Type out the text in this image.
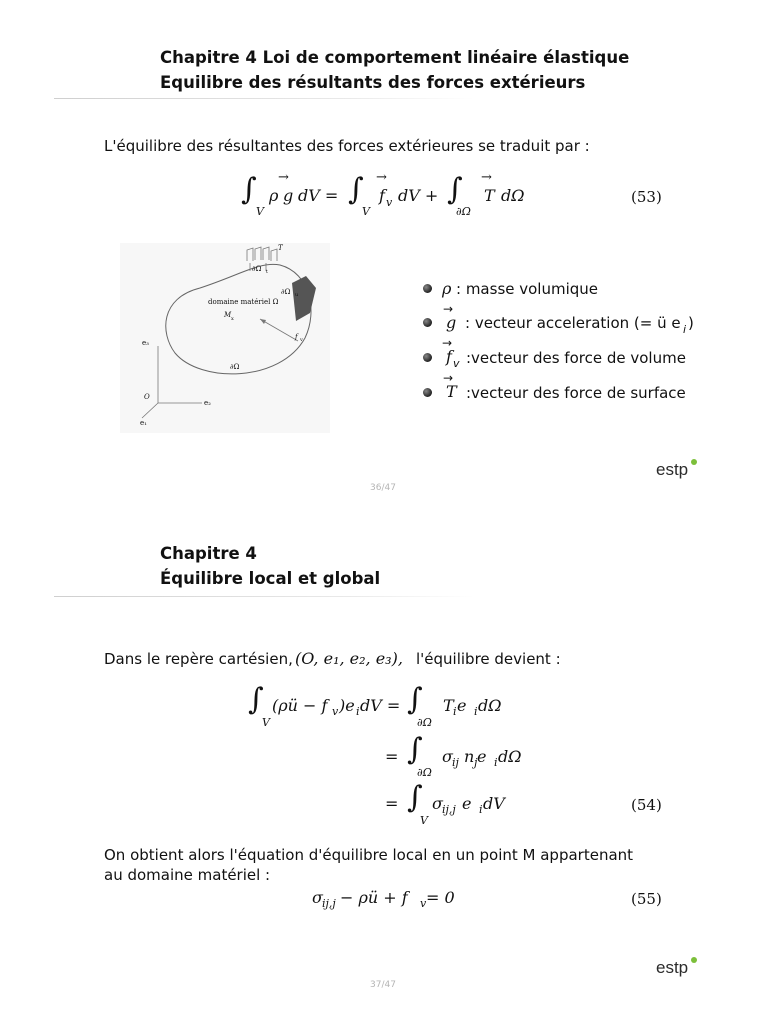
Chapitre 4 Loi de comportement linéaire élastique
Equilibre des résultants des forces extérieurs
L'équilibre des résultantes des forces extérieures se traduit par :
∫
V
ρ g
→
dV = ∫
V
f v
→
dV + ∫
∂Ω
T
→
dΩ	(53)
T
∂Ω t
∂Ω u
domaine matériel Ω
M x
f v
∂Ω
e₃
e₂
e₁
O
ρ : masse volumique
→
g : vecteur acceleration (= ü e i )
→
f v :vecteur des force de volume
→
T :vecteur des force de surface
36/47
estp
Chapitre 4
Équilibre local et global
Dans le repère cartésien, (O, e₁, e₂, e₃), l'équilibre devient :
∫
V
(ρü − f v )e i dV = ∫
∂Ω
T i e i dΩ
= ∫
∂Ω
σ ij n j e i dΩ
= ∫
V
σ ij,j e i dV	(54)
On obtient alors l'équation d'équilibre local en un point M appartenant
au domaine matériel :
σ ij,j − ρü + f v = 0	(55)
37/47
estp
